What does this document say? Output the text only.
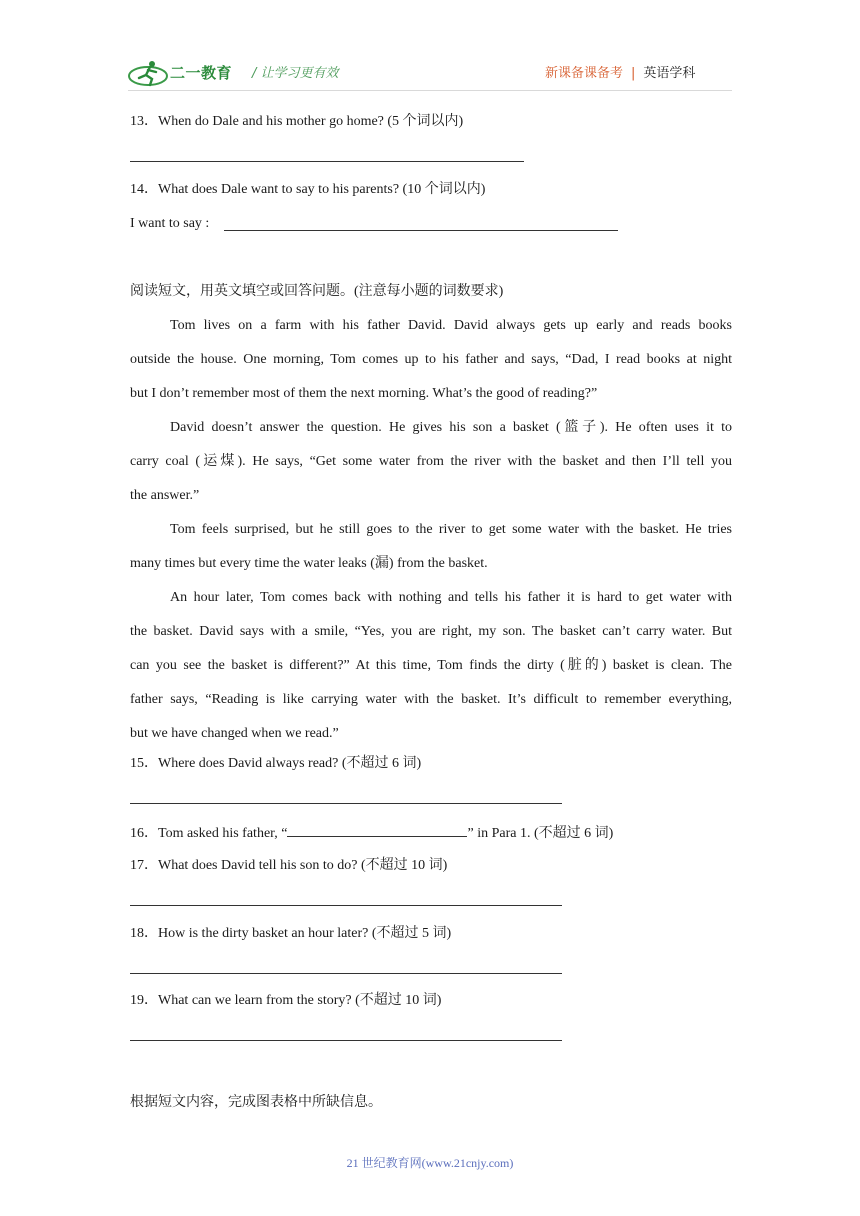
二一教育 / 让学习更有效	新课备课备考 | 英语学科
13．When do Dale and his mother go home? (5 个词以内)
14．What does Dale want to say to his parents? (10 个词以内)
I want to say :
阅读短文，用英文填空或回答问题。(注意每小题的词数要求)
Tom lives on a farm with his father David. David always gets up early and reads books
outside the house. One morning, Tom comes up to his father and says, “Dad, I read books at night
but I don’t remember most of them the next morning. What’s the good of reading?”
David doesn’t answer the question. He gives his son a basket (篮子). He often uses it to
carry coal (运煤). He says, “Get some water from the river with the basket and then I’ll tell you
the answer.”
Tom feels surprised, but he still goes to the river to get some water with the basket. He tries
many times but every time the water leaks (漏) from the basket.
An hour later, Tom comes back with nothing and tells his father it is hard to get water with
the basket. David says with a smile, “Yes, you are right, my son. The basket can’t carry water. But
can you see the basket is different?” At this time, Tom finds the dirty (脏的) basket is clean. The
father says, “Reading is like carrying water with the basket. It’s difficult to remember everything,
but we have changed when we read.”
15．Where does David always read? (不超过 6 词)
16．Tom asked his father, “	” in Para 1. (不超过 6 词)
17．What does David tell his son to do? (不超过 10 词)
18．How is the dirty basket an hour later? (不超过 5 词)
19．What can we learn from the story? (不超过 10 词)
根据短文内容，完成图表格中所缺信息。
21 世纪教育网(www.21cnjy.com)
